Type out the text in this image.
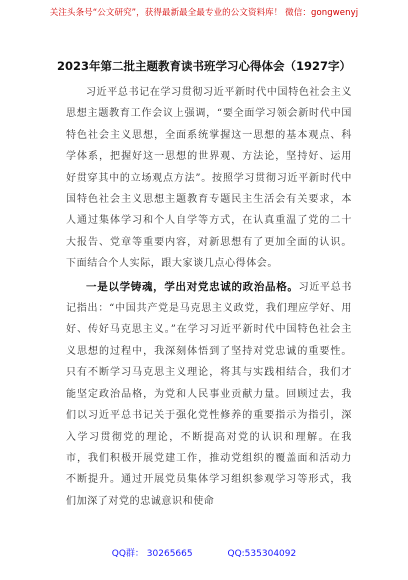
关注头条号“公文研究”，获得最新最全最专业的公文资料库！ 微信：gongwenyj
2023年第二批主题教育读书班学习心得体会（1927字）

习近平总书记在学习贯彻习近平新时代中国特色社会主义思想主题教育工作会议上强调，“要全面学习领会新时代中国特色社会主义思想，全面系统掌握这一思想的基本观点、科学体系，把握好这一思想的世界观、方法论，坚持好、运用好贯穿其中的立场观点方法”。按照学习贯彻习近平新时代中国特色社会主义思想主题教育专题民主生活会有关要求，本人通过集体学习和个人自学等方式，在认真重温了党的二十大报告、党章等重要内容，对新思想有了更加全面的认识。下面结合个人实际，跟大家谈几点心得体会。

一是以学铸魂，学出对党忠诚的政治品格。习近平总书记指出：“中国共产党是马克思主义政党，我们理应学好、用好、传好马克思主义。”在学习习近平新时代中国特色社会主义思想的过程中，我深刻体悟到了坚持对党忠诚的重要性。只有不断学习马克思主义理论，将其与实践相结合，我们才能坚定政治品格，为党和人民事业贡献力量。回顾过去，我们以习近平总书记关于强化党性修养的重要指示为指引，深入学习贯彻党的理论，不断提高对党的认识和理解。在我市，我们积极开展党建工作，推动党组织的覆盖面和活动力不断提升。通过开展党员集体学习组织参观学习等形式，我们加深了对党的忠诚意识和使命

QQ群： 30265665	QQ:535304092
